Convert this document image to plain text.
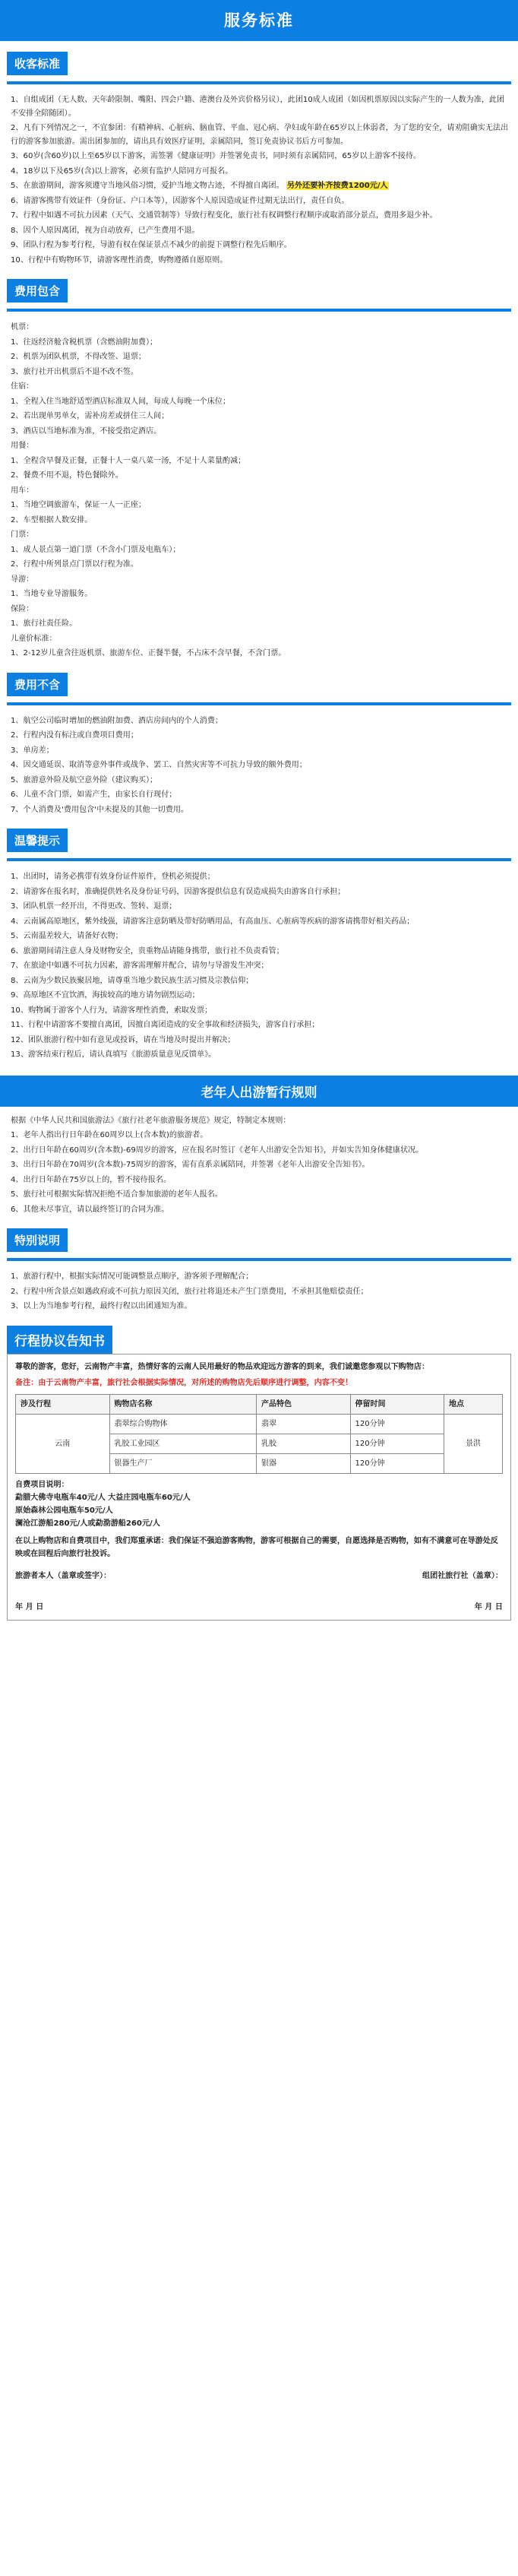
服务标准
收客标准

1、自组成团（无人数、天年龄限制、嘴阳、四会户籍、港澳台及外宾价格另议），此团10成人成团（如因机票原因以实际产生的一人数为准，此团不安排全陪随团）。

2、凡有下列情况之一，不宜参团：有精神病、心脏病、脑血管、平血、冠心病、孕妇或年龄在65岁以上体弱者，为了您的安全，请劝阻确实无法出行的游客参加旅游。需出团参加的，请出具有效医疗证明，亲属陪同，签订免责协议书后方可参加。

3、60岁(含60岁)以上至65岁以下游客，需签署《健康证明》并签署免责书，同时须有亲属陪同，65岁以上游客不接待。

4、18岁以下及65岁(含)以上游客，必须有监护人陪同方可报名。

5、在旅游期间，游客须遵守当地风俗习惯，爱护当地文物古迹，不得擅自离团。 另外还要补齐按费1200元/人

6、请游客携带有效证件（身份证、户口本等），因游客个人原因造成证件过期无法出行，责任自负。

7、行程中如遇不可抗力因素（天气、交通管制等）导致行程变化，旅行社有权调整行程顺序或取消部分景点，费用多退少补。

8、因个人原因离团，视为自动放弃，已产生费用不退。

9、团队行程为参考行程，导游有权在保证景点不减少的前提下调整行程先后顺序。

10、行程中有购物环节，请游客理性消费，购物遵循自愿原则。

费用包含

机票：

1、往返经济舱含税机票（含燃油附加费）；

2、机票为团队机票，不得改签、退票；

3、旅行社开出机票后不退不改不签。

住宿：

1、全程入住当地舒适型酒店标准双人间，每成人每晚一个床位；

2、若出现单男单女，需补房差或拼住三人间；

3、酒店以当地标准为准，不接受指定酒店。

用餐：

1、全程含早餐及正餐，正餐十人一桌八菜一汤，不足十人菜量酌减；

2、餐费不用不退，特色餐除外。

用车：

1、当地空调旅游车，保证一人一正座；

2、车型根据人数安排。

门票：

1、成人景点第一道门票（不含小门票及电瓶车）；

2、行程中所列景点门票以行程为准。

导游：

1、当地专业导游服务。

保险：

1、旅行社责任险。

儿童价标准：

1、2-12岁儿童含往返机票、旅游车位、正餐半餐，不占床不含早餐，不含门票。

费用不含

1、航空公司临时增加的燃油附加费、酒店房间内的个人消费；

2、行程内没有标注或自费项目费用；

3、单房差；

4、因交通延误、取消等意外事件或战争、罢工、自然灾害等不可抗力导致的额外费用；

5、旅游意外险及航空意外险（建议购买）；

6、儿童不含门票，如需产生，由家长自行现付；

7、个人消费及'费用包含'中未提及的其他一切费用。

温馨提示

1、出团时，请务必携带有效身份证件原件，登机必须提供；

2、请游客在报名时，准确提供姓名及身份证号码，因游客提供信息有误造成损失由游客自行承担；

3、团队机票一经开出，不得更改、签转、退票；

4、云南属高原地区，紫外线强，请游客注意防晒及带好防晒用品，有高血压、心脏病等疾病的游客请携带好相关药品；

5、云南温差较大，请备好衣物；

6、旅游期间请注意人身及财物安全，贵重物品请随身携带，旅行社不负责看管；

7、在旅途中如遇不可抗力因素，游客需理解并配合，请勿与导游发生冲突；

8、云南为少数民族聚居地，请尊重当地少数民族生活习惯及宗教信仰；

9、高原地区不宜饮酒，海拔较高的地方请勿剧烈运动；

10、购物属于游客个人行为，请游客理性消费，索取发票；

11、行程中请游客不要擅自离团，因擅自离团造成的安全事故和经济损失，游客自行承担；

12、团队旅游行程中如有意见或投诉，请在当地及时提出并解决；

13、游客结束行程后，请认真填写《旅游质量意见反馈单》。

老年人出游暂行规则

根据《中华人民共和国旅游法》《旅行社老年旅游服务规范》规定，特制定本规则：

1、老年人指出行日年龄在60周岁以上(含本数)的旅游者。

2、出行日年龄在60周岁(含本数)-69周岁的游客，应在报名时签订《老年人出游安全告知书》，并如实告知身体健康状况。

3、出行日年龄在70周岁(含本数)-75周岁的游客，需有直系亲属陪同，并签署《老年人出游安全告知书》。

4、出行日年龄在75岁以上的，暂不接待报名。

5、旅行社可根据实际情况拒绝不适合参加旅游的老年人报名。

6、其他未尽事宜，请以最终签订的合同为准。

特别说明

1、旅游行程中，根据实际情况可能调整景点顺序，游客须予理解配合；

2、行程中所含景点如遇政府或不可抗力原因关闭，旅行社将退还未产生门票费用，不承担其他赔偿责任；

3、以上为当地参考行程，最终行程以出团通知为准。

行程协议告知书

尊敬的游客，您好，云南物产丰富，热情好客的云南人民用最好的物品欢迎远方游客的到来，我们诚邀您参观以下购物店：

备注：由于云南物产丰富，旅行社会根据实际情况，对所述的购物店先后顺序进行调整，内容不变！

涉及行程	购物店名称	产品特色	停留时间	地点
云南	翡翠综合购物体	翡翠	120分钟	景洪
	乳胶工业园区	乳胶	120分钟	
	银器生产厂	银器	120分钟	

自费项目说明：

勐腊大佛寺电瓶车40元/人 大益庄园电瓶车60元/人

原始森林公园电瓶车50元/人

澜沧江游船280元/人或勐泐游船260元/人

在以上购物店和自费项目中，我们郑重承诺：我们保证不强迫游客购物，游客可根据自己的需要，自愿选择是否购物，如有不满意可在导游处反映或在回程后向旅行社投诉。

旅游者本人（盖章或签字）：	组团社旅行社（盖章）：
年 月 日	年 月 日
